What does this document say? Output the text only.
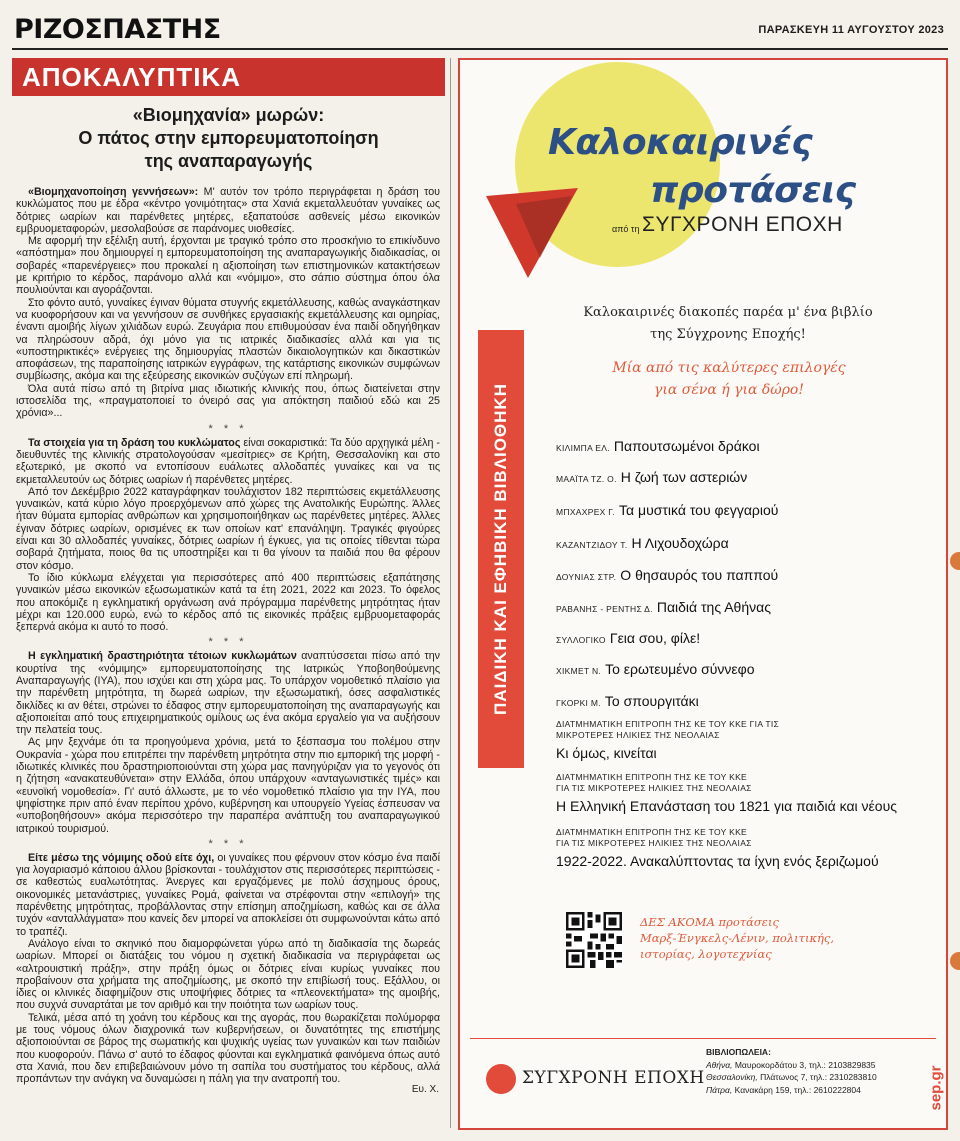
ΡΙΖΟΣΠΑΣΤΗΣ	ΠΑΡΑΣΚΕΥΗ 11 ΑΥΓΟΥΣΤΟΥ 2023
ΑΠΟΚΑΛΥΠΤΙΚΑ
«Βιομηχανία» μωρών:
Ο πάτος στην εμπορευματοποίηση
της αναπαραγωγής

«Βιομηχανοποίηση γεννήσεων»: Μ' αυτόν τον τρόπο περιγράφεται η δράση του κυκλώματος που με έδρα «κέντρο γονιμότητας» στα Χανιά εκμεταλλευόταν γυναίκες ως δότριες ωαρίων και παρένθετες μητέρες, εξαπατούσε ασθενείς μέσω εικονικών εμβρυομεταφορών, μεσολαβούσε σε παράνομες υιοθεσίες.

Με αφορμή την εξέλιξη αυτή, έρχονται με τραγικό τρόπο στο προσκήνιο το επικίνδυνο «απόστημα» που δημιουργεί η εμπορευματοποίηση της αναπαραγωγικής διαδικασίας, οι σοβαρές «παρενέργειες» που προκαλεί η αξιοποίηση των επιστημονικών κατακτήσεων με κριτήριο το κέρδος, παράνομο αλλά και «νόμιμο», στο σάπιο σύστημα όπου όλα πουλιούνται και αγοράζονται.

Στο φόντο αυτό, γυναίκες έγιναν θύματα στυγνής εκμετάλλευσης, καθώς αναγκάστηκαν να κυοφορήσουν και να γεννήσουν σε συνθήκες εργασιακής εκμετάλλευσης και ομηρίας, έναντι αμοιβής λίγων χιλιάδων ευρώ. Ζευγάρια που επιθυμούσαν ένα παιδί οδηγήθηκαν να πληρώσουν αδρά, όχι μόνο για τις ιατρικές διαδικασίες αλλά και για τις «υποστηρικτικές» ενέργειες της δημιουργίας πλαστών δικαιολογητικών και δικαστικών αποφάσεων, της παραποίησης ιατρικών εγγράφων, της κατάρτισης εικονικών συμφώνων συμβίωσης, ακόμα και της εξεύρεσης εικονικών συζύγων επί πληρωμή.

Όλα αυτά πίσω από τη βιτρίνα μιας ιδιωτικής κλινικής που, όπως διατείνεται στην ιστοσελίδα της, «πραγματοποιεί το όνειρό σας για απόκτηση παιδιού εδώ και 25 χρόνια»...

* * *

Τα στοιχεία για τη δράση του κυκλώματος είναι σοκαριστικά: Τα δύο αρχηγικά μέλη - διευθυντές της κλινικής στρατολογούσαν «μεσίτριες» σε Κρήτη, Θεσσαλονίκη και στο εξωτερικό, με σκοπό να εντοπίσουν ευάλωτες αλλοδαπές γυναίκες και να τις εκμεταλλευτούν ως δότριες ωαρίων ή παρένθετες μητέρες.

Από τον Δεκέμβριο 2022 καταγράφηκαν τουλάχιστον 182 περιπτώσεις εκμετάλλευσης γυναικών, κατά κύριο λόγο προερχόμενων από χώρες της Ανατολικής Ευρώπης. Άλλες ήταν θύματα εμπορίας ανθρώπων και χρησιμοποιήθηκαν ως παρένθετες μητέρες. Άλλες έγιναν δότριες ωαρίων, ορισμένες εκ των οποίων κατ' επανάληψη. Τραγικές φιγούρες είναι και 30 αλλοδαπές γυναίκες, δότριες ωαρίων ή έγκυες, για τις οποίες τίθενται τώρα σοβαρά ζητήματα, ποιος θα τις υποστηρίξει και τι θα γίνουν τα παιδιά που θα φέρουν στον κόσμο.

Το ίδιο κύκλωμα ελέγχεται για περισσότερες από 400 περιπτώσεις εξαπάτησης γυναικών μέσω εικονικών εξωσωματικών κατά τα έτη 2021, 2022 και 2023. Το όφελος που αποκόμιζε η εγκληματική οργάνωση ανά πρόγραμμα παρένθετης μητρότητας ήταν μέχρι και 120.000 ευρώ, ενώ το κέρδος από τις εικονικές πράξεις εμβρυομεταφοράς ξεπερνά ακόμα κι αυτό το ποσό.

* * *

Η εγκληματική δραστηριότητα τέτοιων κυκλωμάτων αναπτύσσεται πίσω από την κουρτίνα της «νόμιμης» εμπορευματοποίησης της Ιατρικώς Υποβοηθούμενης Αναπαραγωγής (ΙΥΑ), που ισχύει και στη χώρα μας. Το υπάρχον νομοθετικό πλαίσιο για την παρένθετη μητρότητα, τη δωρεά ωαρίων, την εξωσωματική, όσες ασφαλιστικές δικλίδες κι αν θέτει, στρώνει το έδαφος στην εμπορευματοποίηση της αναπαραγωγής και αξιοποιείται από τους επιχειρηματικούς ομίλους ως ένα ακόμα εργαλείο για να αυξήσουν την πελατεία τους.

Ας μην ξεχνάμε ότι τα προηγούμενα χρόνια, μετά το ξέσπασμα του πολέμου στην Ουκρανία - χώρα που επιτρέπει την παρένθετη μητρότητα στην πιο εμπορική της μορφή - ιδιωτικές κλινικές που δραστηριοποιούνται στη χώρα μας πανηγύριζαν για το γεγονός ότι η ζήτηση «ανακατευθύνεται» στην Ελλάδα, όπου υπάρχουν «ανταγωνιστικές τιμές» και «ευνοϊκή νομοθεσία». Γι' αυτό άλλωστε, με το νέο νομοθετικό πλαίσιο για την ΙΥΑ, που ψηφίστηκε πριν από έναν περίπου χρόνο, κυβέρνηση και υπουργείο Υγείας έσπευσαν να «υποβοηθήσουν» ακόμα περισσότερο την παραπέρα ανάπτυξη του αναπαραγωγικού ιατρικού τουρισμού.

* * *

Είτε μέσω της νόμιμης οδού είτε όχι, οι γυναίκες που φέρνουν στον κόσμο ένα παιδί για λογαριασμό κάποιου άλλου βρίσκονται - τουλάχιστον στις περισσότερες περιπτώσεις - σε καθεστώς ευαλωτότητας. Άνεργες και εργαζόμενες με πολύ άσχημους όρους, οικονομικές μετανάστριες, γυναίκες Ρομά, φαίνεται να στρέφονται στην «επιλογή» της παρένθετης μητρότητας, προβάλλοντας στην επίσημη αποζημίωση, καθώς και σε άλλα τυχόν «ανταλλάγματα» που κανείς δεν μπορεί να αποκλείσει ότι συμφωνούνται κάτω από το τραπέζι.

Ανάλογο είναι το σκηνικό που διαμορφώνεται γύρω από τη διαδικασία της δωρεάς ωαρίων. Μπορεί οι διατάξεις του νόμου η σχετική διαδικασία να περιγράφεται ως «αλτρουιστική πράξη», στην πράξη όμως οι δότριες είναι κυρίως γυναίκες που προβαίνουν στα χρήματα της αποζημίωσης, με σκοπό την επιβίωσή τους. Εξάλλου, οι ίδιες οι κλινικές διαφημίζουν στις υποψήφιες δότριες τα «πλεονεκτήματα» της αμοιβής, που συχνά συναρτάται με τον αριθμό και την ποιότητα των ωαρίων τους.

Τελικά, μέσα από τη χοάνη του κέρδους και της αγοράς, που θωρακίζεται πολύμορφα με τους νόμους όλων διαχρονικά των κυβερνήσεων, οι δυνατότητες της επιστήμης αξιοποιούνται σε βάρος της σωματικής και ψυχικής υγείας των γυναικών και των παιδιών που κυοφορούν. Πάνω σ' αυτό το έδαφος φύονται και εγκληματικά φαινόμενα όπως αυτό στα Χανιά, που δεν επιβεβαιώνουν μόνο τη σαπίλα του συστήματος του κέρδους, αλλά προπάντων την ανάγκη να δυναμώσει η πάλη για την ανατροπή του.

Ευ. Χ.
Καλοκαιρινές
προτάσεις
από τη ΣΥΓΧΡΟΝΗ ΕΠΟΧΗ
Καλοκαιρινές διακοπές παρέα μ' ένα βιβλίο
της Σύγχρονης Εποχής!
Μία από τις καλύτερες επιλογές
για σένα ή για δώρο!
ΠΑΙΔΙΚΗ ΚΑΙ ΕΦΗΒΙΚΗ ΒΙΒΛΙΟΘΗΚΗ	ΚΙΛΙΜΠΑ ΕΛ. Παπουτσωμένοι δράκοι
ΜΑΑΪΤΑ ΤΖ. Ο. Η ζωή των αστεριών
ΜΠΧΑΧΡΕΧ Γ. Τα μυστικά του φεγγαριού
ΚΑΖΑΝΤΖΙΔΟΥ Τ. Η Λιχουδοχώρα
ΔΟΥΝΙΑΣ ΣΤΡ. Ο θησαυρός του παππού
ΡΑΒΑΝΗΣ - ΡΕΝΤΗΣ Δ. Παιδιά της Αθήνας
ΣΥΛΛΟΓΙΚΟ Γεια σου, φίλε!
ΧΙΚΜΕΤ Ν. Το ερωτευμένο σύννεφο
ΓΚΟΡΚΙ Μ. Το σπουργιτάκι
ΔΙΑΤΜΗΜΑΤΙΚΗ ΕΠΙΤΡΟΠΗ ΤΗΣ ΚΕ ΤΟΥ ΚΚΕ ΓΙΑ ΤΙΣ
ΜΙΚΡΟΤΕΡΕΣ ΗΛΙΚΙΕΣ ΤΗΣ ΝΕΟΛΑΙΑΣ
Κι όμως, κινείται
ΔΙΑΤΜΗΜΑΤΙΚΗ ΕΠΙΤΡΟΠΗ ΤΗΣ ΚΕ ΤΟΥ ΚΚΕ
ΓΙΑ ΤΙΣ ΜΙΚΡΟΤΕΡΕΣ ΗΛΙΚΙΕΣ ΤΗΣ ΝΕΟΛΑΙΑΣ
Η Ελληνική Επανάσταση του 1821 για παιδιά και νέους
ΔΙΑΤΜΗΜΑΤΙΚΗ ΕΠΙΤΡΟΠΗ ΤΗΣ ΚΕ ΤΟΥ ΚΚΕ
ΓΙΑ ΤΙΣ ΜΙΚΡΟΤΕΡΕΣ ΗΛΙΚΙΕΣ ΤΗΣ ΝΕΟΛΑΙΑΣ
1922-2022. Ανακαλύπτοντας τα ίχνη ενός ξεριζωμού
ΔΕΣ ΑΚΟΜΑ προτάσεις
Μαρξ-Ένγκελς-Λένιν, πολιτικής,
ιστορίας, λογοτεχνίας
ΣΥΓΧΡΟΝΗ ΕΠΟΧΗ
ΒΙΒΛΙΟΠΩΛΕΙΑ:
Αθήνα, Μαυροκορδάτου 3, τηλ.: 2103829835
Θεσσαλονίκη, Πλάτωνος 7, τηλ.: 2310283810
Πάτρα, Κανακάρη 159, τηλ.: 2610222804	sep.gr
